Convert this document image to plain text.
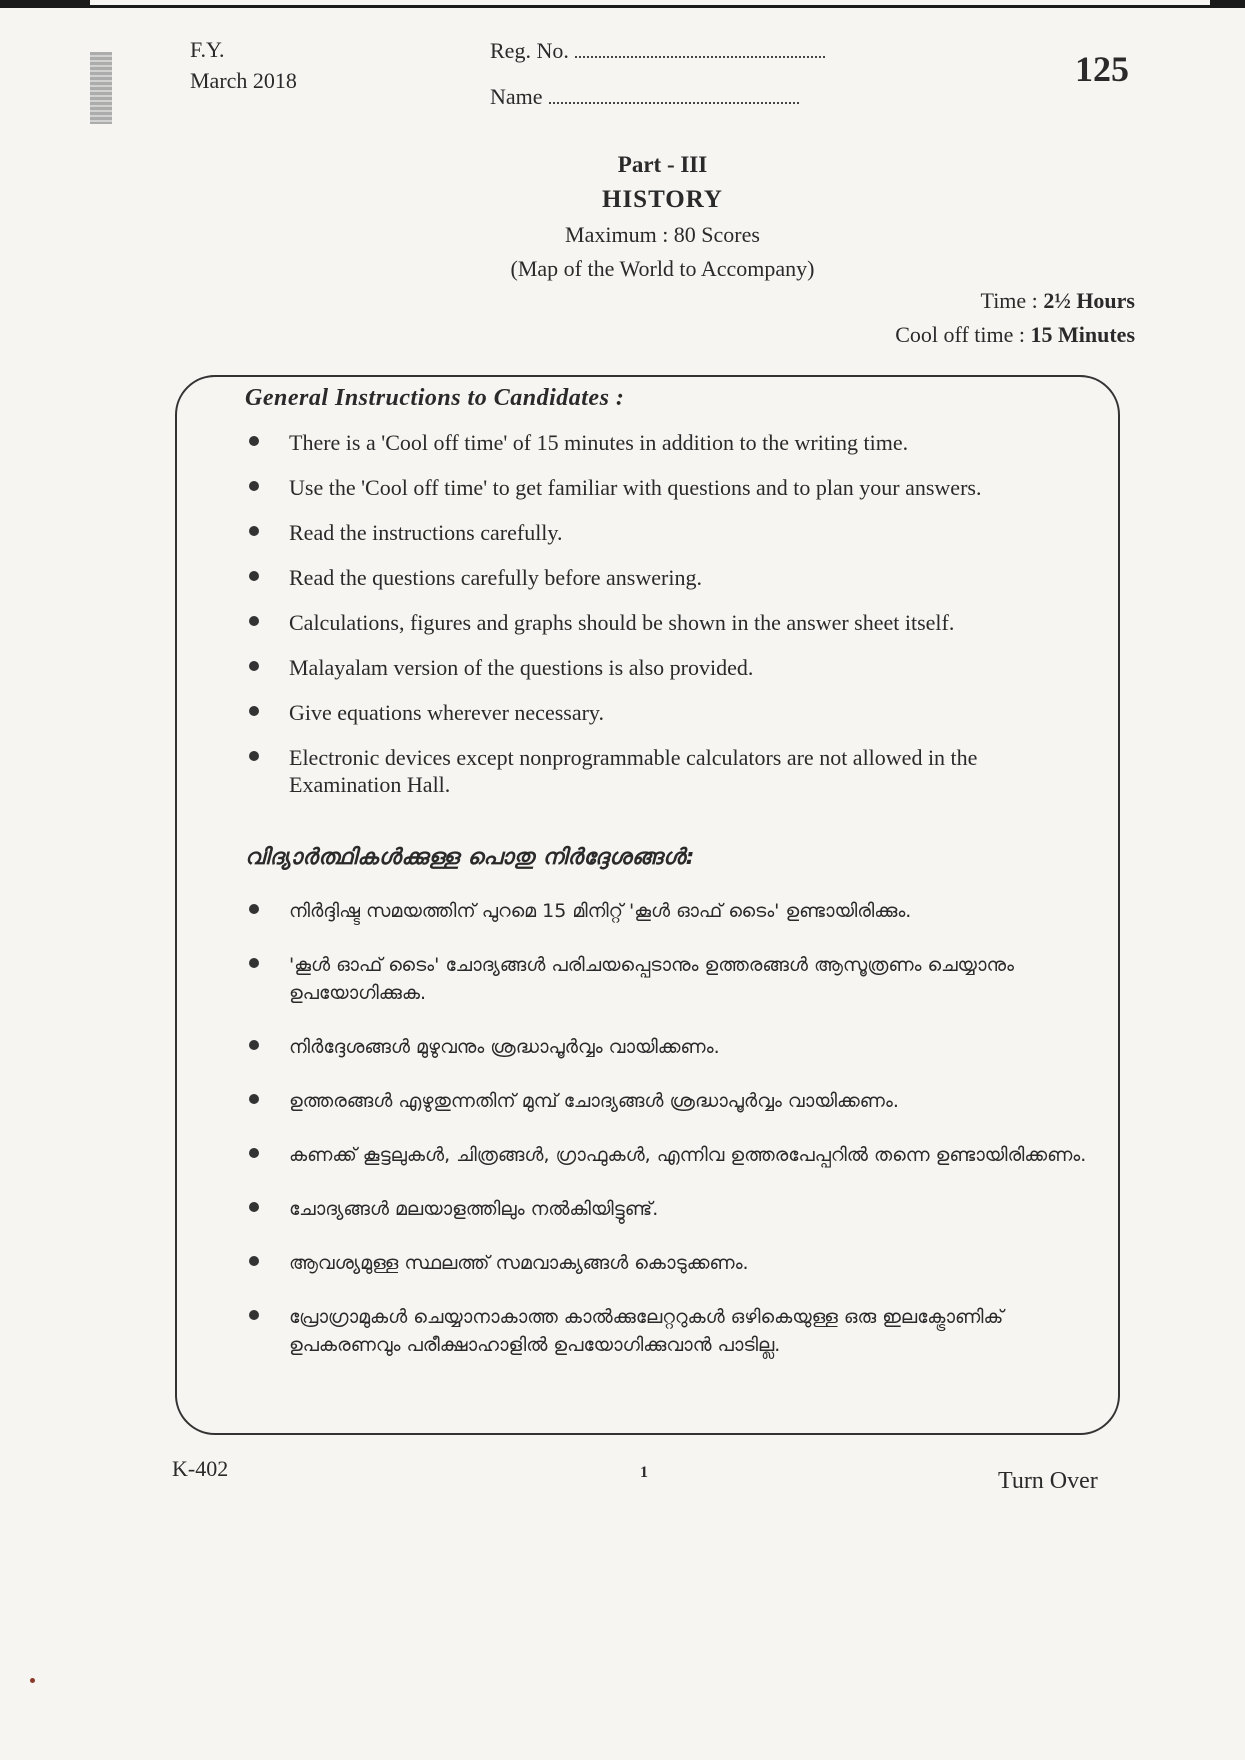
F.Y.
March 2018
Reg. No.
Name
125
Part - III
HISTORY
Maximum : 80 Scores
(Map of the World to Accompany)
Time : 2½ Hours
Cool off time : 15 Minutes
General Instructions to Candidates :
There is a 'Cool off time' of 15 minutes in addition to the writing time.
Use the 'Cool off time' to get familiar with questions and to plan your answers.
Read the instructions carefully.
Read the questions carefully before answering.
Calculations, figures and graphs should be shown in the answer sheet itself.
Malayalam version of the questions is also provided.
Give equations wherever necessary.
Electronic devices except nonprogrammable calculators are not allowed in the Examination Hall.
വിദ്യാർത്ഥികൾക്കുള്ള പൊതു നിർദ്ദേശങ്ങൾ:
നിർദ്ദിഷ്ട സമയത്തിന് പുറമെ 15 മിനിറ്റ് 'കൂൾ ഓഫ് ടൈം' ഉണ്ടായിരിക്കും.
'കൂൾ ഓഫ് ടൈം' ചോദ്യങ്ങൾ പരിചയപ്പെടാനും ഉത്തരങ്ങൾ ആസൂത്രണം ചെയ്യാനും ഉപയോഗിക്കുക.
നിർദ്ദേശങ്ങൾ മുഴുവനും ശ്രദ്ധാപൂർവ്വം വായിക്കണം.
ഉത്തരങ്ങൾ എഴുതുന്നതിന് മുമ്പ് ചോദ്യങ്ങൾ ശ്രദ്ധാപൂർവ്വം വായിക്കണം.
കണക്ക് കൂട്ടലുകൾ, ചിത്രങ്ങൾ, ഗ്രാഫുകൾ, എന്നിവ ഉത്തരപേപ്പറിൽ തന്നെ ഉണ്ടായിരിക്കണം.
ചോദ്യങ്ങൾ മലയാളത്തിലും നൽകിയിട്ടുണ്ട്.
ആവശ്യമുള്ള സ്ഥലത്ത് സമവാക്യങ്ങൾ കൊടുക്കണം.
പ്രോഗ്രാമുകൾ ചെയ്യാനാകാത്ത കാൽക്കുലേറ്ററുകൾ ഒഴികെയുള്ള ഒരു ഇലക്ട്രോണിക് ഉപകരണവും പരീക്ഷാഹാളിൽ ഉപയോഗിക്കുവാൻ പാടില്ല.
K-402	1	Turn Over
